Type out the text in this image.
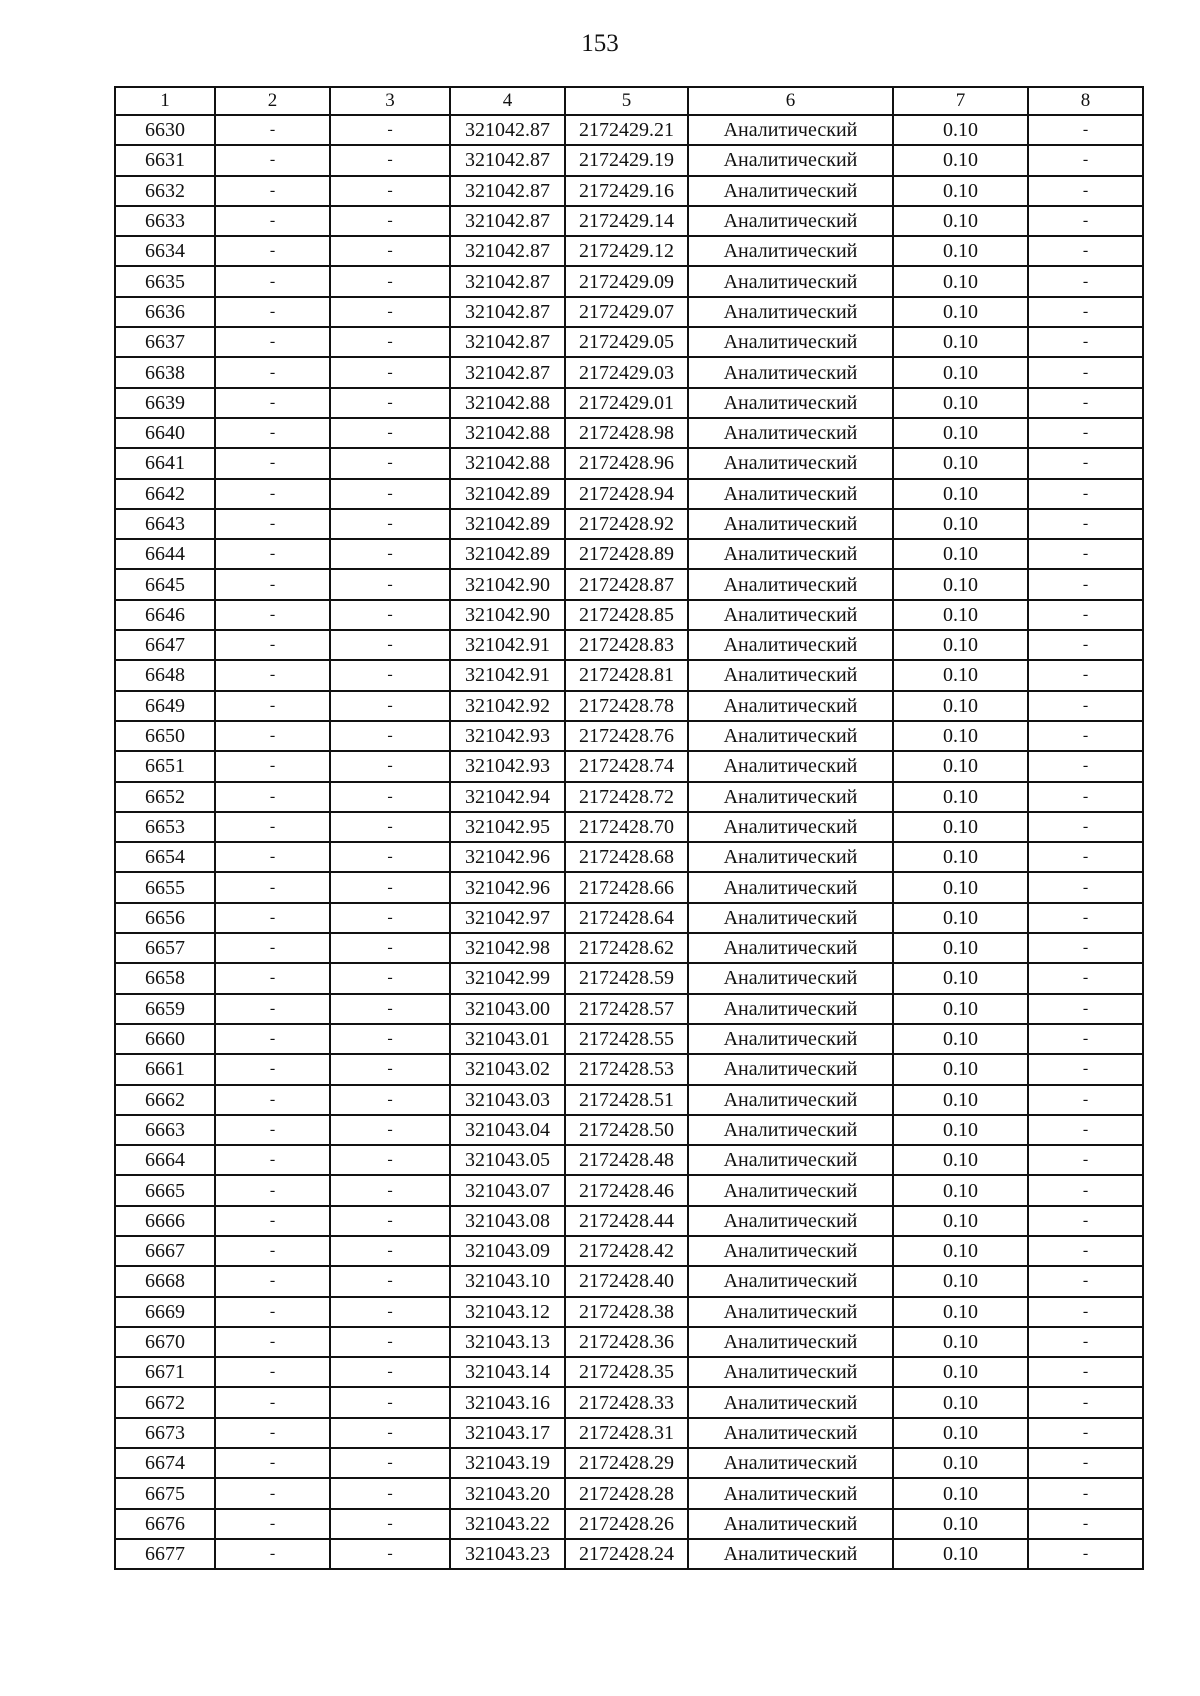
153
1	2	3	4	5	6	7	8
6630	-	-	321042.87	2172429.21	Аналитический	0.10	-
6631	-	-	321042.87	2172429.19	Аналитический	0.10	-
6632	-	-	321042.87	2172429.16	Аналитический	0.10	-
6633	-	-	321042.87	2172429.14	Аналитический	0.10	-
6634	-	-	321042.87	2172429.12	Аналитический	0.10	-
6635	-	-	321042.87	2172429.09	Аналитический	0.10	-
6636	-	-	321042.87	2172429.07	Аналитический	0.10	-
6637	-	-	321042.87	2172429.05	Аналитический	0.10	-
6638	-	-	321042.87	2172429.03	Аналитический	0.10	-
6639	-	-	321042.88	2172429.01	Аналитический	0.10	-
6640	-	-	321042.88	2172428.98	Аналитический	0.10	-
6641	-	-	321042.88	2172428.96	Аналитический	0.10	-
6642	-	-	321042.89	2172428.94	Аналитический	0.10	-
6643	-	-	321042.89	2172428.92	Аналитический	0.10	-
6644	-	-	321042.89	2172428.89	Аналитический	0.10	-
6645	-	-	321042.90	2172428.87	Аналитический	0.10	-
6646	-	-	321042.90	2172428.85	Аналитический	0.10	-
6647	-	-	321042.91	2172428.83	Аналитический	0.10	-
6648	-	-	321042.91	2172428.81	Аналитический	0.10	-
6649	-	-	321042.92	2172428.78	Аналитический	0.10	-
6650	-	-	321042.93	2172428.76	Аналитический	0.10	-
6651	-	-	321042.93	2172428.74	Аналитический	0.10	-
6652	-	-	321042.94	2172428.72	Аналитический	0.10	-
6653	-	-	321042.95	2172428.70	Аналитический	0.10	-
6654	-	-	321042.96	2172428.68	Аналитический	0.10	-
6655	-	-	321042.96	2172428.66	Аналитический	0.10	-
6656	-	-	321042.97	2172428.64	Аналитический	0.10	-
6657	-	-	321042.98	2172428.62	Аналитический	0.10	-
6658	-	-	321042.99	2172428.59	Аналитический	0.10	-
6659	-	-	321043.00	2172428.57	Аналитический	0.10	-
6660	-	-	321043.01	2172428.55	Аналитический	0.10	-
6661	-	-	321043.02	2172428.53	Аналитический	0.10	-
6662	-	-	321043.03	2172428.51	Аналитический	0.10	-
6663	-	-	321043.04	2172428.50	Аналитический	0.10	-
6664	-	-	321043.05	2172428.48	Аналитический	0.10	-
6665	-	-	321043.07	2172428.46	Аналитический	0.10	-
6666	-	-	321043.08	2172428.44	Аналитический	0.10	-
6667	-	-	321043.09	2172428.42	Аналитический	0.10	-
6668	-	-	321043.10	2172428.40	Аналитический	0.10	-
6669	-	-	321043.12	2172428.38	Аналитический	0.10	-
6670	-	-	321043.13	2172428.36	Аналитический	0.10	-
6671	-	-	321043.14	2172428.35	Аналитический	0.10	-
6672	-	-	321043.16	2172428.33	Аналитический	0.10	-
6673	-	-	321043.17	2172428.31	Аналитический	0.10	-
6674	-	-	321043.19	2172428.29	Аналитический	0.10	-
6675	-	-	321043.20	2172428.28	Аналитический	0.10	-
6676	-	-	321043.22	2172428.26	Аналитический	0.10	-
6677	-	-	321043.23	2172428.24	Аналитический	0.10	-
